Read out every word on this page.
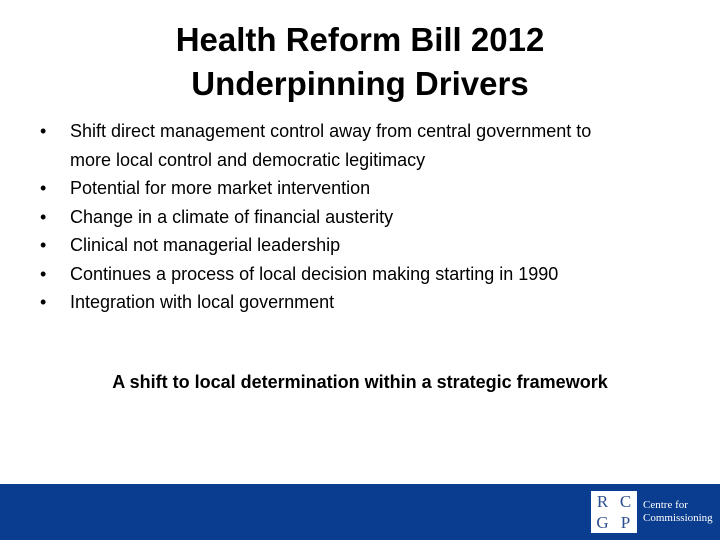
Health Reform Bill 2012
Underpinning Drivers
•	Shift direct management control away from central government to
more local control and democratic legitimacy
•	Potential for more market intervention
•	Change in a climate of financial austerity
•	Clinical not managerial leadership
•	Continues a process of local decision making starting in 1990
•	Integration with local government
A shift to local determination within a strategic framework
R C
G P
Centre for
Commissioning
